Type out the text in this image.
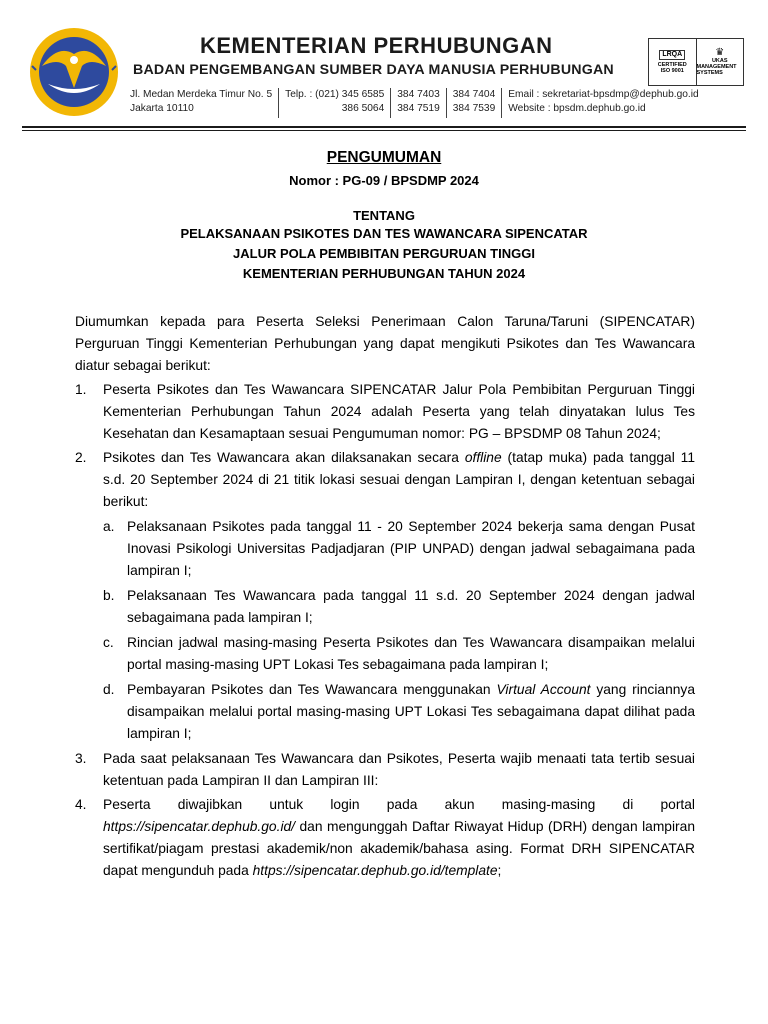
KEMENTERIAN PERHUBUNGAN
BADAN PENGEMBANGAN SUMBER DAYA MANUSIA PERHUBUNGAN
LRQA
CERTIFIED
ISO 9001
♛
UKAS
MANAGEMENT SYSTEMS
Jl. Medan Merdeka Timur No. 5
Jakarta 10110
Telp. : (021) 345 6585
386 5064
384 7403
384 7519
384 7404
384 7539
Email : sekretariat-bpsdmp@dephub.go.id
Website : bpsdm.dephub.go.id
PENGUMUMAN
Nomor : PG-09 / BPSDMP 2024
TENTANG
PELAKSANAAN PSIKOTES DAN TES WAWANCARA SIPENCATAR
JALUR POLA PEMBIBITAN PERGURUAN TINGGI
KEMENTERIAN PERHUBUNGAN TAHUN 2024

Diumumkan kepada para Peserta Seleksi Penerimaan Calon Taruna/Taruni (SIPENCATAR) Perguruan Tinggi Kementerian Perhubungan yang dapat mengikuti Psikotes dan Tes Wawancara diatur sebagai berikut:

1. Peserta Psikotes dan Tes Wawancara SIPENCATAR Jalur Pola Pembibitan Perguruan Tinggi Kementerian Perhubungan Tahun 2024 adalah Peserta yang telah dinyatakan lulus Tes Kesehatan dan Kesamaptaan sesuai Pengumuman nomor: PG – BPSDMP 08 Tahun 2024;
2. Psikotes dan Tes Wawancara akan dilaksanakan secara offline (tatap muka) pada tanggal 11 s.d. 20 September 2024 di 21 titik lokasi sesuai dengan Lampiran I, dengan ketentuan sebagai berikut:
a. Pelaksanaan Psikotes pada tanggal 11 - 20 September 2024 bekerja sama dengan Pusat Inovasi Psikologi Universitas Padjadjaran (PIP UNPAD) dengan jadwal sebagaimana pada lampiran I;
b. Pelaksanaan Tes Wawancara pada tanggal 11 s.d. 20 September 2024 dengan jadwal sebagaimana pada lampiran I;
c. Rincian jadwal masing-masing Peserta Psikotes dan Tes Wawancara disampaikan melalui portal masing-masing UPT Lokasi Tes sebagaimana pada lampiran I;
d. Pembayaran Psikotes dan Tes Wawancara menggunakan Virtual Account yang rinciannya disampaikan melalui portal masing-masing UPT Lokasi Tes sebagaimana dapat dilihat pada lampiran I;
3. Pada saat pelaksanaan Tes Wawancara dan Psikotes, Peserta wajib menaati tata tertib sesuai ketentuan pada Lampiran II dan Lampiran III:
4. Peserta diwajibkan untuk login pada akun masing-masing di portal https://sipencatar.dephub.go.id/ dan mengunggah Daftar Riwayat Hidup (DRH) dengan lampiran sertifikat/piagam prestasi akademik/non akademik/bahasa asing. Format DRH SIPENCATAR dapat mengunduh pada https://sipencatar.dephub.go.id/template;
